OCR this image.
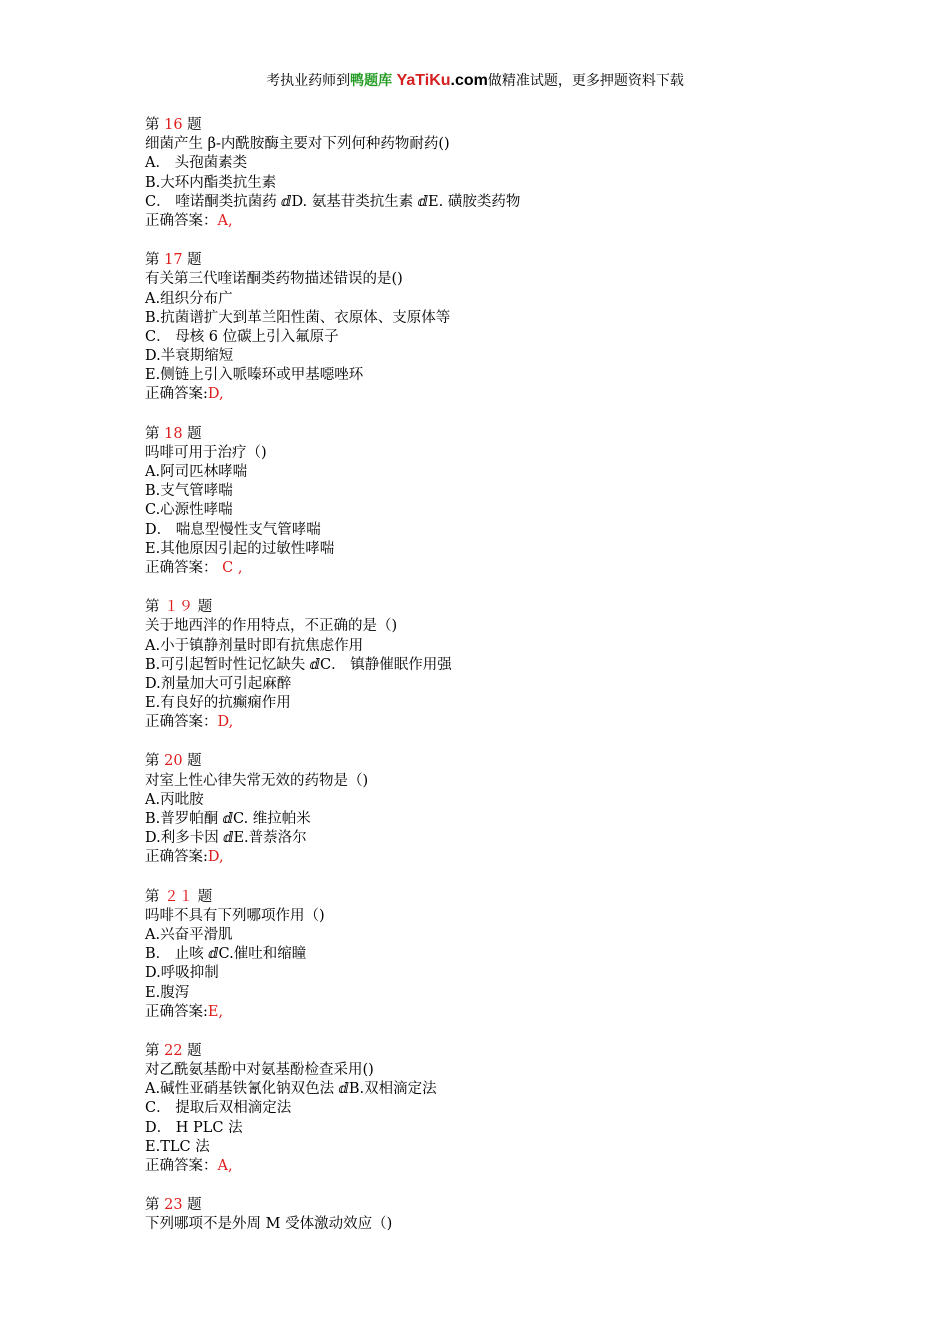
考执业药师到鸭题库 YaTiKu.com做精准试题，更多押题资料下载
第 16 题
细菌产生 β-内酰胺酶主要对下列何种药物耐药()
A． 头孢菌素类
B.大环内酯类抗生素
C． 喹诺酮类抗菌药 ⅆD. 氨基苷类抗生素 ⅆE. 磺胺类药物
正确答案：A,
第 17 题
有关第三代喹诺酮类药物描述错误的是()
A.组织分布广
B.抗菌谱扩大到革兰阳性菌、衣原体、支原体等
C． 母核 6 位碳上引入氟原子
D.半衰期缩短
E.侧链上引入哌嗪环或甲基噁唑环
正确答案:D,
第 18 题
吗啡可用于治疗（)
A.阿司匹林哮喘
B.支气管哮喘
C.心源性哮喘
D． 喘息型慢性支气管哮喘
E.其他原因引起的过敏性哮喘
正确答案： C ,
第 １９ 题
关于地西泮的作用特点，不正确的是（)
A.小于镇静剂量时即有抗焦虑作用
B.可引起暂时性记忆缺失 ⅆC． 镇静催眠作用强
D.剂量加大可引起麻醉
E.有良好的抗癫痫作用
正确答案：D,
第 20 题
对室上性心律失常无效的药物是（)
A.丙吡胺
B.普罗帕酮 ⅆC. 维拉帕米
D.利多卡因 ⅆE.普萘洛尔
正确答案:D,
第 ２１ 题
吗啡不具有下列哪项作用（)
A.兴奋平滑肌
B． 止咳 ⅆC.催吐和缩瞳
D.呼吸抑制
E.腹泻
正确答案:E,
第 22 题
对乙酰氨基酚中对氨基酚检查采用()
A.碱性亚硝基铁氰化钠双色法 ⅆB.双相滴定法
C． 提取后双相滴定法
D． H PLC 法
E.TLC 法
正确答案：A,
第 23 题
下列哪项不是外周 M 受体激动效应（)
